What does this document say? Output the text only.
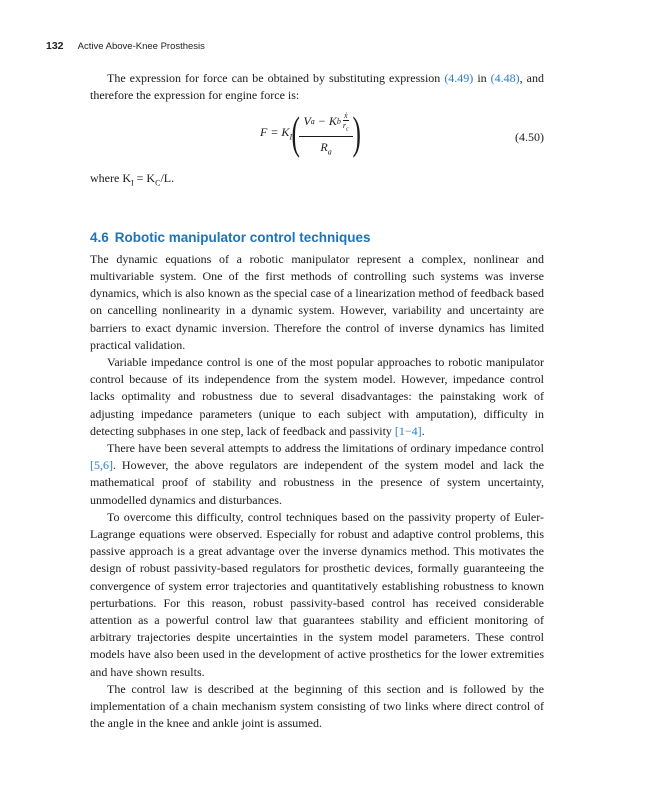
132 Active Above-Knee Prosthesis

The expression for force can be obtained by substituting expression (4.49) in (4.48), and therefore the expression for engine force is:

$F = K_I$ ( $\frac{V a - K b \frac{\text{ẋ}}{r_c}}{R_a}$ )	(4.50)
where $K_I = K_C/L$.
4.6 Robotic manipulator control techniques

The dynamic equations of a robotic manipulator represent a complex, nonlinear and multivariable system. One of the first methods of controlling such systems was inverse dynamics, which is also known as the special case of a linearization method of feedback based on cancelling nonlinearity in a dynamic system. However, variability and uncertainty are barriers to exact dynamic inversion. Therefore the control of inverse dynamics has limited practical validation.

Variable impedance control is one of the most popular approaches to robotic manipulator control because of its independence from the system model. However, impedance control lacks optimality and robustness due to several disadvantages: the painstaking work of adjusting impedance parameters (unique to each subject with amputation), difficulty in detecting subphases in one step, lack of feedback and passivity [1−4].

There have been several attempts to address the limitations of ordinary impedance control [5,6]. However, the above regulators are independent of the system model and lack the mathematical proof of stability and robustness in the presence of system uncertainty, unmodelled dynamics and disturbances.

To overcome this difficulty, control techniques based on the passivity property of Euler-Lagrange equations were observed. Especially for robust and adaptive control problems, this passive approach is a great advantage over the inverse dynamics method. This motivates the design of robust passivity-based regulators for prosthetic devices, formally guaranteeing the convergence of system error trajectories and quantitatively establishing robustness to known perturbations. For this reason, robust passivity-based control has received considerable attention as a powerful control law that guarantees stability and efficient monitoring of arbitrary trajectories despite uncertainties in the system model parameters. These control models have also been used in the development of active prosthetics for the lower extremities and have shown results.

The control law is described at the beginning of this section and is followed by the implementation of a chain mechanism system consisting of two links where direct control of the angle in the knee and ankle joint is assumed.
